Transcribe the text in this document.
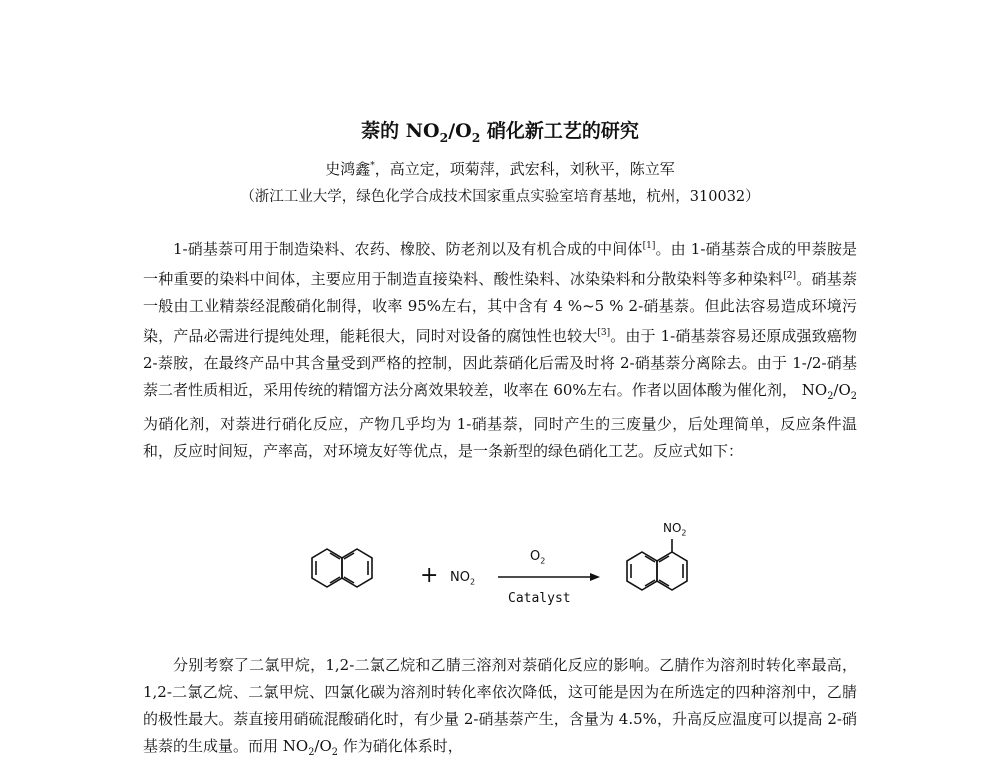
萘的 $NO_2/O_2$ 硝化新工艺的研究
史鸿鑫*，高立定，项菊萍，武宏科，刘秋平，陈立军
（浙江工业大学，绿色化学合成技术国家重点实验室培育基地，杭州，310032）

1-硝基萘可用于制造染料、农药、橡胶、防老剂以及有机合成的中间体[1]。由 1-硝基萘合成的甲萘胺是一种重要的染料中间体，主要应用于制造直接染料、酸性染料、冰染染料和分散染料等多种染料[2]。硝基萘一般由工业精萘经混酸硝化制得，收率 95%左右，其中含有 4 %~5 % 2-硝基萘。但此法容易造成环境污染，产品必需进行提纯处理，能耗很大，同时对设备的腐蚀性也较大[3]。由于 1-硝基萘容易还原成强致癌物 2-萘胺，在最终产品中其含量受到严格的控制，因此萘硝化后需及时将 2-硝基萘分离除去。由于 1-/2-硝基萘二者性质相近，采用传统的精馏方法分离效果较差，收率在 60%左右。作者以固体酸为催化剂， $NO_2/O_2$ 为硝化剂，对萘进行硝化反应，产物几乎均为 1-硝基萘，同时产生的三废量少，后处理简单，反应条件温和，反应时间短，产率高，对环境友好等优点，是一条新型的绿色硝化工艺。反应式如下：

+ $NO_2$
$O_2$
Catalyst
$NO_2$

分别考察了二氯甲烷，1,2-二氯乙烷和乙腈三溶剂对萘硝化反应的影响。乙腈作为溶剂时转化率最高，1,2-二氯乙烷、二氯甲烷、四氯化碳为溶剂时转化率依次降低，这可能是因为在所选定的四种溶剂中，乙腈的极性最大。萘直接用硝硫混酸硝化时，有少量 2-硝基萘产生，含量为 4.5%，升高反应温度可以提高 2-硝基萘的生成量。而用 $NO_2/O_2$ 作为硝化体系时，
